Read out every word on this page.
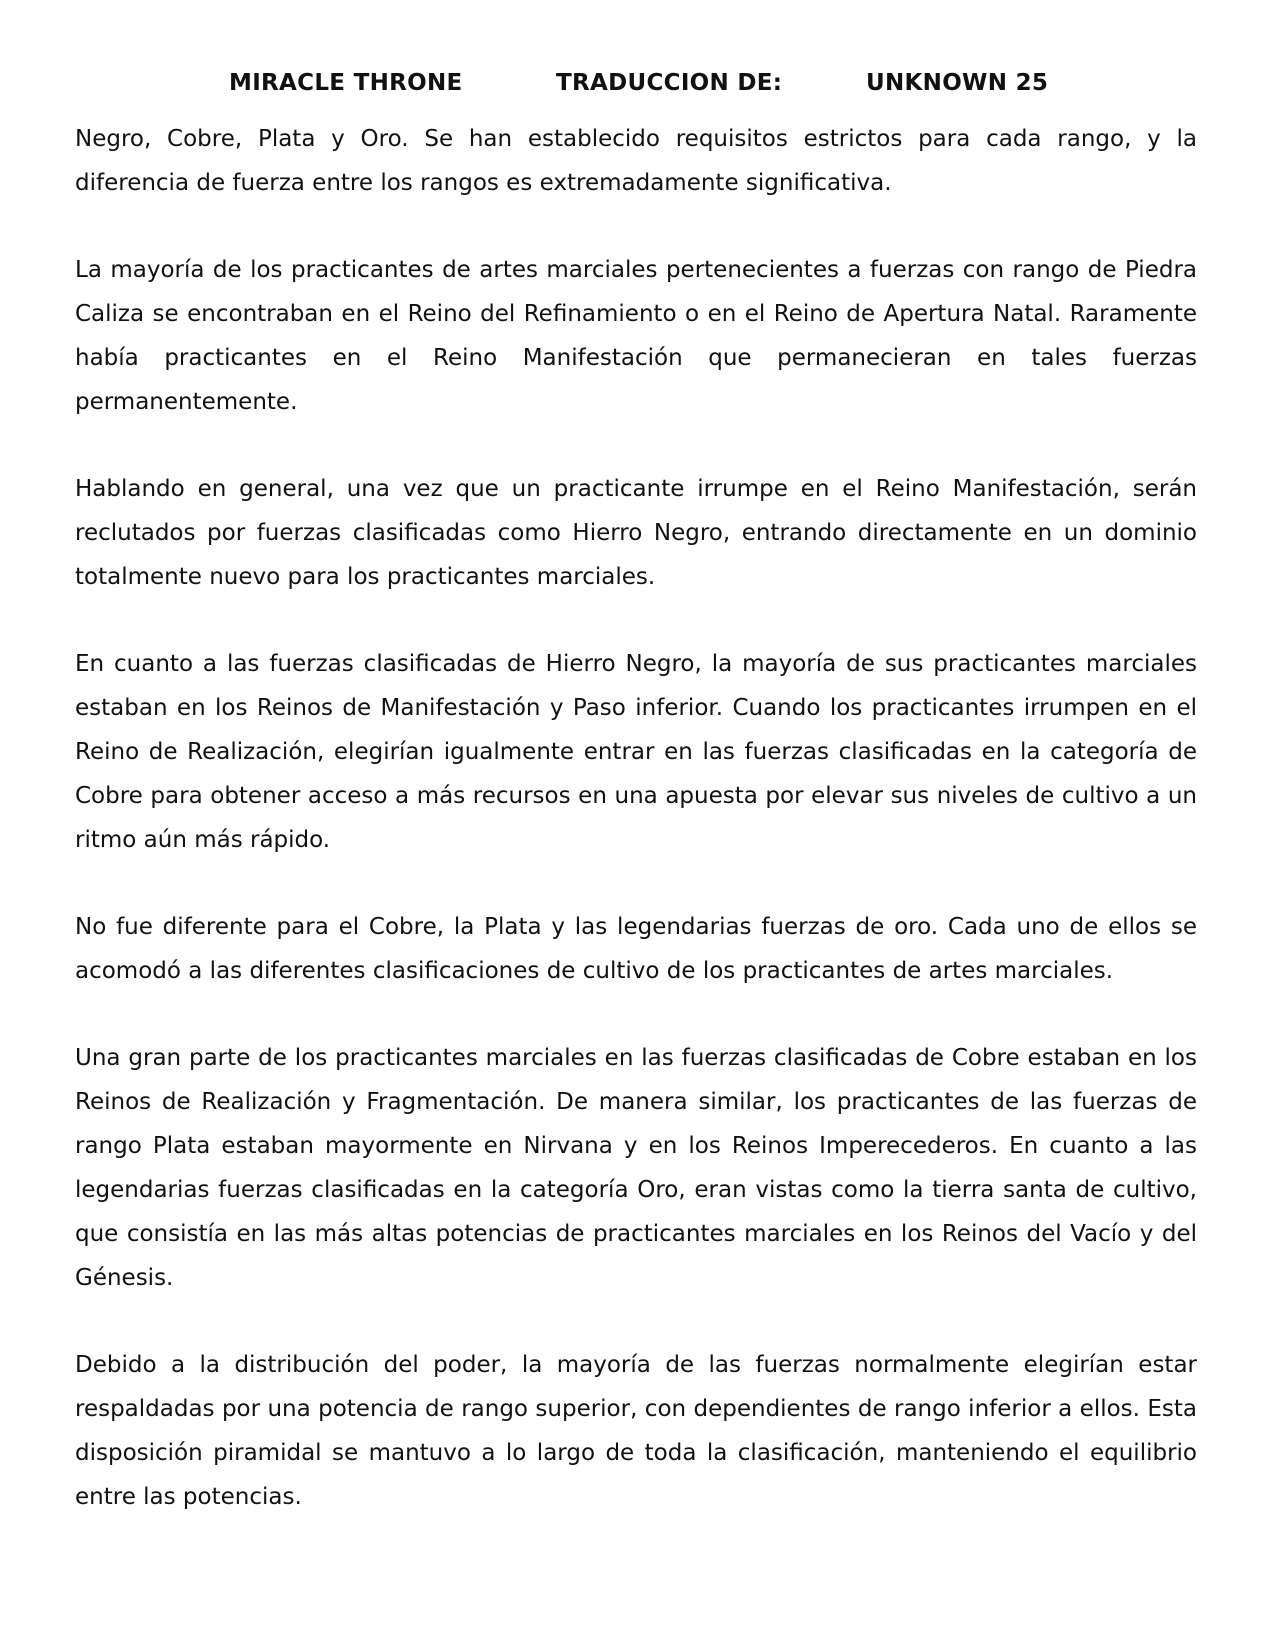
MIRACLE THRONE	TRADUCCION DE:	UNKNOWN 25

Negro, Cobre, Plata y Oro. Se han establecido requisitos estrictos para cada rango, y la diferencia de fuerza entre los rangos es extremadamente significativa.

La mayoría de los practicantes de artes marciales pertenecientes a fuerzas con rango de Piedra Caliza se encontraban en el Reino del Refinamiento o en el Reino de Apertura Natal. Raramente había practicantes en el Reino Manifestación que permanecieran en tales fuerzas permanentemente.

Hablando en general, una vez que un practicante irrumpe en el Reino Manifestación, serán reclutados por fuerzas clasificadas como Hierro Negro, entrando directamente en un dominio totalmente nuevo para los practicantes marciales.

En cuanto a las fuerzas clasificadas de Hierro Negro, la mayoría de sus practicantes marciales estaban en los Reinos de Manifestación y Paso inferior. Cuando los practicantes irrumpen en el Reino de Realización, elegirían igualmente entrar en las fuerzas clasificadas en la categoría de Cobre para obtener acceso a más recursos en una apuesta por elevar sus niveles de cultivo a un ritmo aún más rápido.

No fue diferente para el Cobre, la Plata y las legendarias fuerzas de oro. Cada uno de ellos se acomodó a las diferentes clasificaciones de cultivo de los practicantes de artes marciales.

Una gran parte de los practicantes marciales en las fuerzas clasificadas de Cobre estaban en los Reinos de Realización y Fragmentación. De manera similar, los practicantes de las fuerzas de rango Plata estaban mayormente en Nirvana y en los Reinos Imperecederos. En cuanto a las legendarias fuerzas clasificadas en la categoría Oro, eran vistas como la tierra santa de cultivo, que consistía en las más altas potencias de practicantes marciales en los Reinos del Vacío y del Génesis.

Debido a la distribución del poder, la mayoría de las fuerzas normalmente elegirían estar respaldadas por una potencia de rango superior, con dependientes de rango inferior a ellos. Esta disposición piramidal se mantuvo a lo largo de toda la clasificación, manteniendo el equilibrio entre las potencias.
